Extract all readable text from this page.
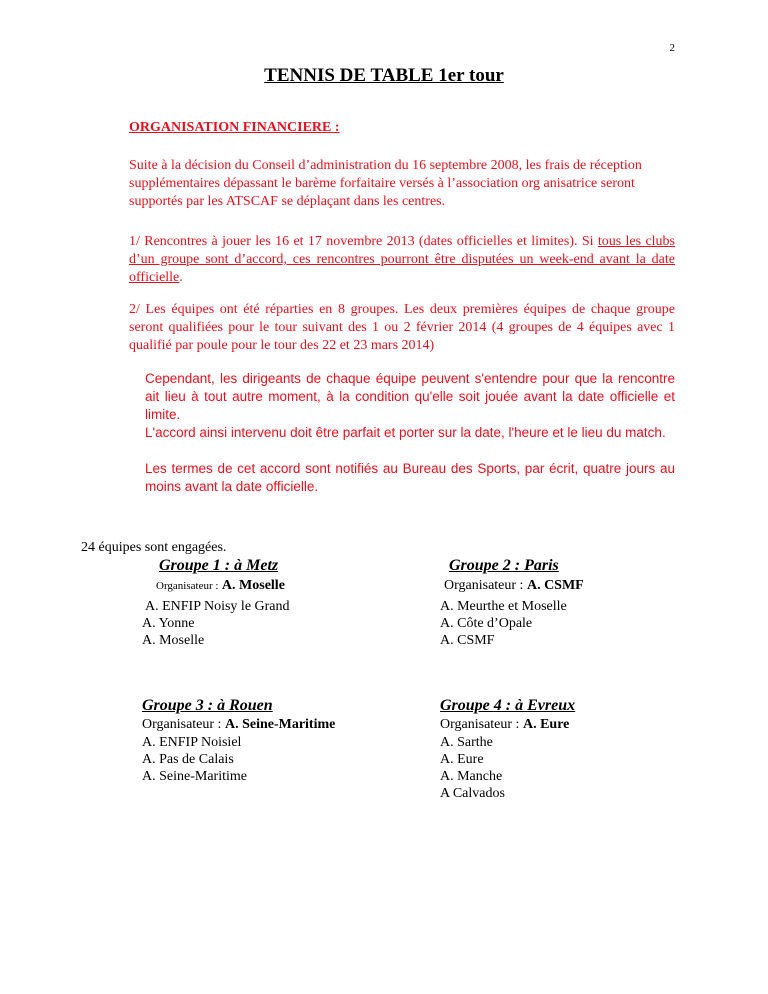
2
TENNIS DE TABLE 1er tour
ORGANISATION FINANCIERE :
Suite à la décision du Conseil d’administration du 16 septembre 2008, les frais de réception supplémentaires dépassant le barème forfaitaire versés à l’association org anisatrice seront supportés par les ATSCAF se déplaçant dans les centres.
1/ Rencontres à jouer les 16 et 17 novembre 2013 (dates officielles et limites). Si tous les clubs d’un groupe sont d’accord, ces rencontres pourront être disputées un week-end avant la date officielle.
2/ Les équipes ont été réparties en 8 groupes. Les deux premières équipes de chaque groupe seront qualifiées pour le tour suivant des 1 ou 2 février 2014 (4 groupes de 4 équipes avec 1 qualifié par poule pour le tour des 22 et 23 mars 2014)
Cependant, les dirigeants de chaque équipe peuvent s'entendre pour que la rencontre ait lieu à tout autre moment, à la condition qu'elle soit jouée avant la date officielle et limite.
L'accord ainsi intervenu doit être parfait et porter sur la date, l'heure et le lieu du match.
Les termes de cet accord sont notifiés au Bureau des Sports, par écrit, quatre jours au moins avant la date officielle.
24 équipes sont engagées.
Groupe 1 : à Metz
Organisateur : A. Moselle
A. ENFIP Noisy le Grand
A. Yonne
A. Moselle
Groupe 2 : Paris
Organisateur : A. CSMF
A. Meurthe et Moselle
A. Côte d’Opale
A. CSMF
Groupe 3 : à Rouen
Organisateur : A. Seine-Maritime
A. ENFIP Noisiel
A. Pas de Calais
A. Seine-Maritime
Groupe 4 : à Evreux
Organisateur : A. Eure
A. Sarthe
A. Eure
A. Manche
A Calvados
